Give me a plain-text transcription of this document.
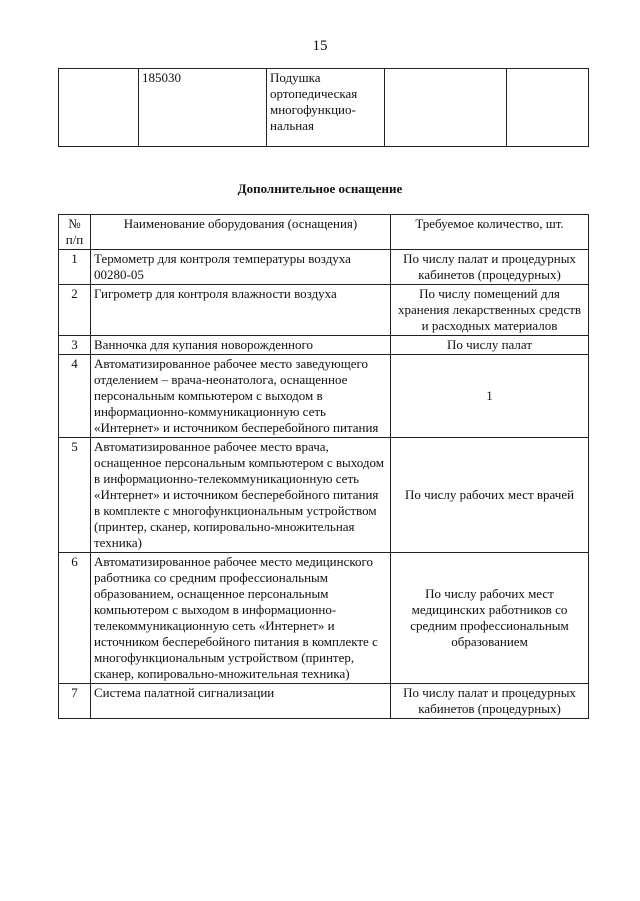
15
	185030	Подушка ортопедическая многофункцио-нальная		
Дополнительное оснащение
№ п/п	Наименование оборудования (оснащения)	Требуемое количество, шт.
1	Термометр для контроля температуры воздуха 00280-05	По числу палат и процедурных кабинетов (процедурных)
2	Гигрометр для контроля влажности воздуха	По числу помещений для хранения лекарственных средств и расходных материалов
3	Ванночка для купания новорожденного	По числу палат
4	Автоматизированное рабочее место заведующего отделением – врача-неонатолога, оснащенное персональным компьютером с выходом в информационно-коммуникационную сеть «Интернет» и источником бесперебойного питания	1
5	Автоматизированное рабочее место врача, оснащенное персональным компьютером с выходом в информационно-телекоммуникационную сеть «Интернет» и источником бесперебойного питания в комплекте с многофункциональным устройством (принтер, сканер, копировально-множительная техника)	По числу рабочих мест врачей
6	Автоматизированное рабочее место медицинского работника со средним профессиональным образованием, оснащенное персональным компьютером с выходом в информационно-телекоммуникационную сеть «Интернет» и источником бесперебойного питания в комплекте с многофункциональным устройством (принтер, сканер, копировально-множительная техника)	По числу рабочих мест медицинских работников со средним профессиональным образованием
7	Система палатной сигнализации	По числу палат и процедурных кабинетов (процедурных)
